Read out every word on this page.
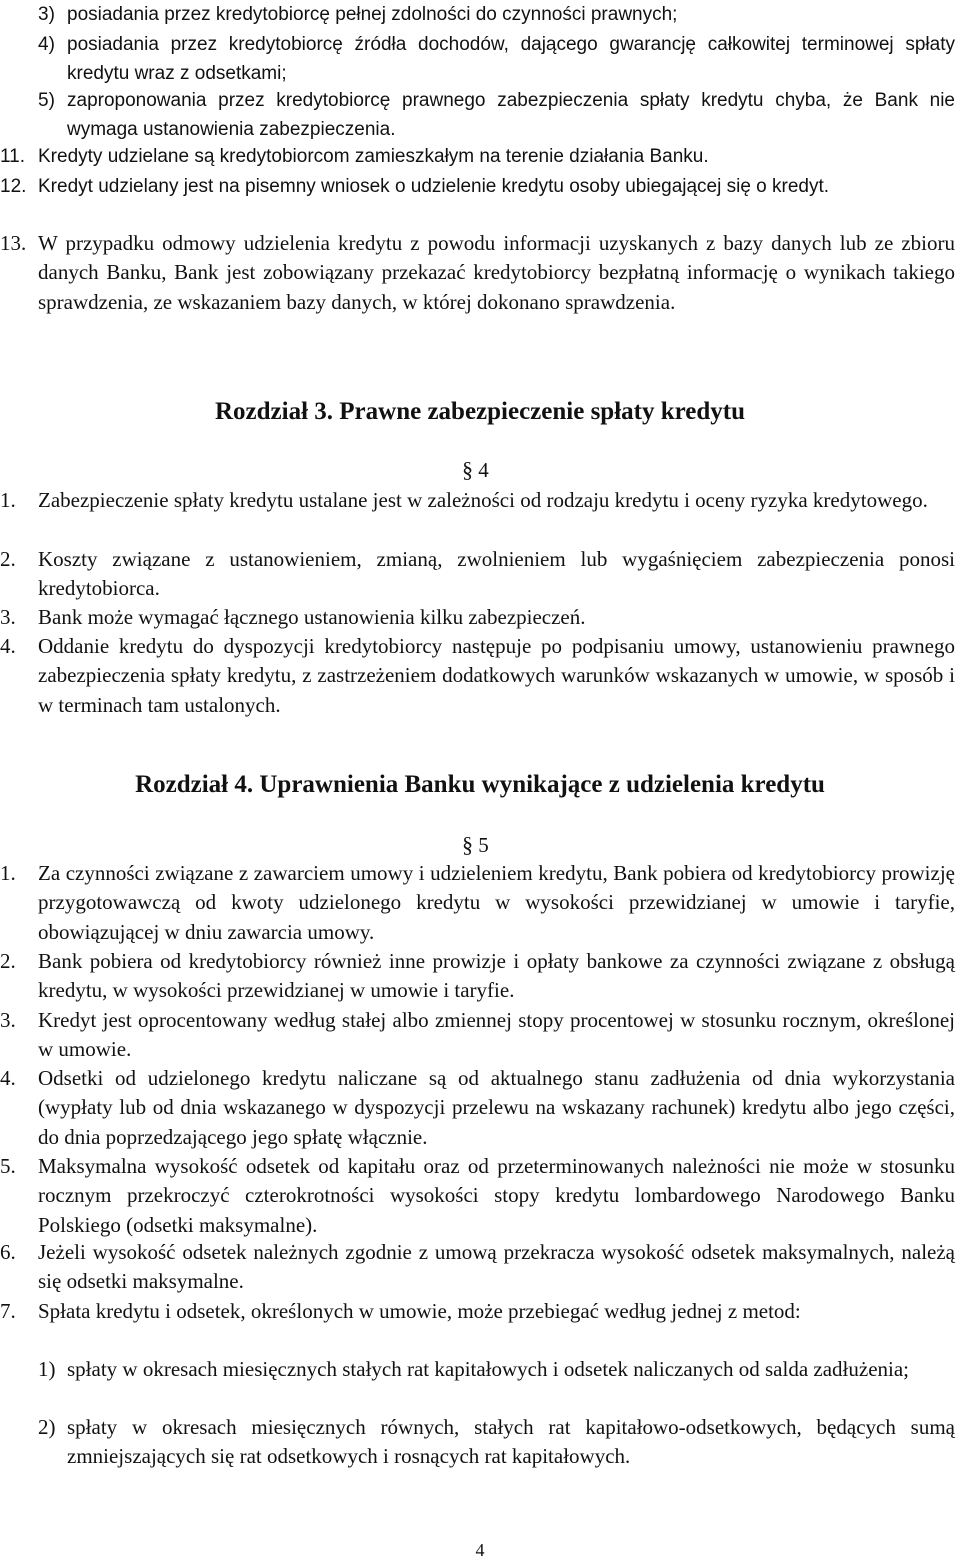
3) posiadania przez kredytobiorcę pełnej zdolności do czynności prawnych;
4) posiadania przez kredytobiorcę źródła dochodów, dającego gwarancję całkowitej terminowej spłaty kredytu wraz z odsetkami;
5) zaproponowania przez kredytobiorcę prawnego zabezpieczenia spłaty kredytu chyba, że Bank nie wymaga ustanowienia zabezpieczenia.
11. Kredyty udzielane są kredytobiorcom zamieszkałym na terenie działania Banku.
12. Kredyt udzielany jest na pisemny wniosek o udzielenie kredytu osoby ubiegającej się o kredyt.
13. W przypadku odmowy udzielenia kredytu z powodu informacji uzyskanych z bazy danych lub ze zbioru danych Banku, Bank jest zobowiązany przekazać kredytobiorcy bezpłatną informację o wynikach takiego sprawdzenia, ze wskazaniem bazy danych, w której dokonano sprawdzenia.
Rozdział 3. Prawne zabezpieczenie spłaty kredytu
§ 4
1. Zabezpieczenie spłaty kredytu ustalane jest w zależności od rodzaju kredytu i oceny ryzyka kredytowego.
2. Koszty związane z ustanowieniem, zmianą, zwolnieniem lub wygaśnięciem zabezpieczenia ponosi kredytobiorca.
3. Bank może wymagać łącznego ustanowienia kilku zabezpieczeń.
4. Oddanie kredytu do dyspozycji kredytobiorcy następuje po podpisaniu umowy, ustanowieniu prawnego zabezpieczenia spłaty kredytu, z zastrzeżeniem dodatkowych warunków wskazanych w umowie, w sposób i w terminach tam ustalonych.
Rozdział 4. Uprawnienia Banku wynikające z udzielenia kredytu
§ 5
1. Za czynności związane z zawarciem umowy i udzieleniem kredytu, Bank pobiera od kredytobiorcy prowizję przygotowawczą od kwoty udzielonego kredytu w wysokości przewidzianej w umowie i taryfie, obowiązującej w dniu zawarcia umowy.
2. Bank pobiera od kredytobiorcy również inne prowizje i opłaty bankowe za czynności związane z obsługą kredytu, w wysokości przewidzianej w umowie i taryfie.
3. Kredyt jest oprocentowany według stałej albo zmiennej stopy procentowej w stosunku rocznym, określonej w umowie.
4. Odsetki od udzielonego kredytu naliczane są od aktualnego stanu zadłużenia od dnia wykorzystania (wypłaty lub od dnia wskazanego w dyspozycji przelewu na wskazany rachunek) kredytu albo jego części, do dnia poprzedzającego jego spłatę włącznie.
5. Maksymalna wysokość odsetek od kapitału oraz od przeterminowanych należności nie może w stosunku rocznym przekroczyć czterokrotności wysokości stopy kredytu lombardowego Narodowego Banku Polskiego (odsetki maksymalne).
6. Jeżeli wysokość odsetek należnych zgodnie z umową przekracza wysokość odsetek maksymalnych, należą się odsetki maksymalne.
7. Spłata kredytu i odsetek, określonych w umowie, może przebiegać według jednej z metod:
1) spłaty w okresach miesięcznych stałych rat kapitałowych i odsetek naliczanych od salda zadłużenia;
2) spłaty w okresach miesięcznych równych, stałych rat kapitałowo-odsetkowych, będących sumą zmniejszających się rat odsetkowych i rosnących rat kapitałowych.
4
